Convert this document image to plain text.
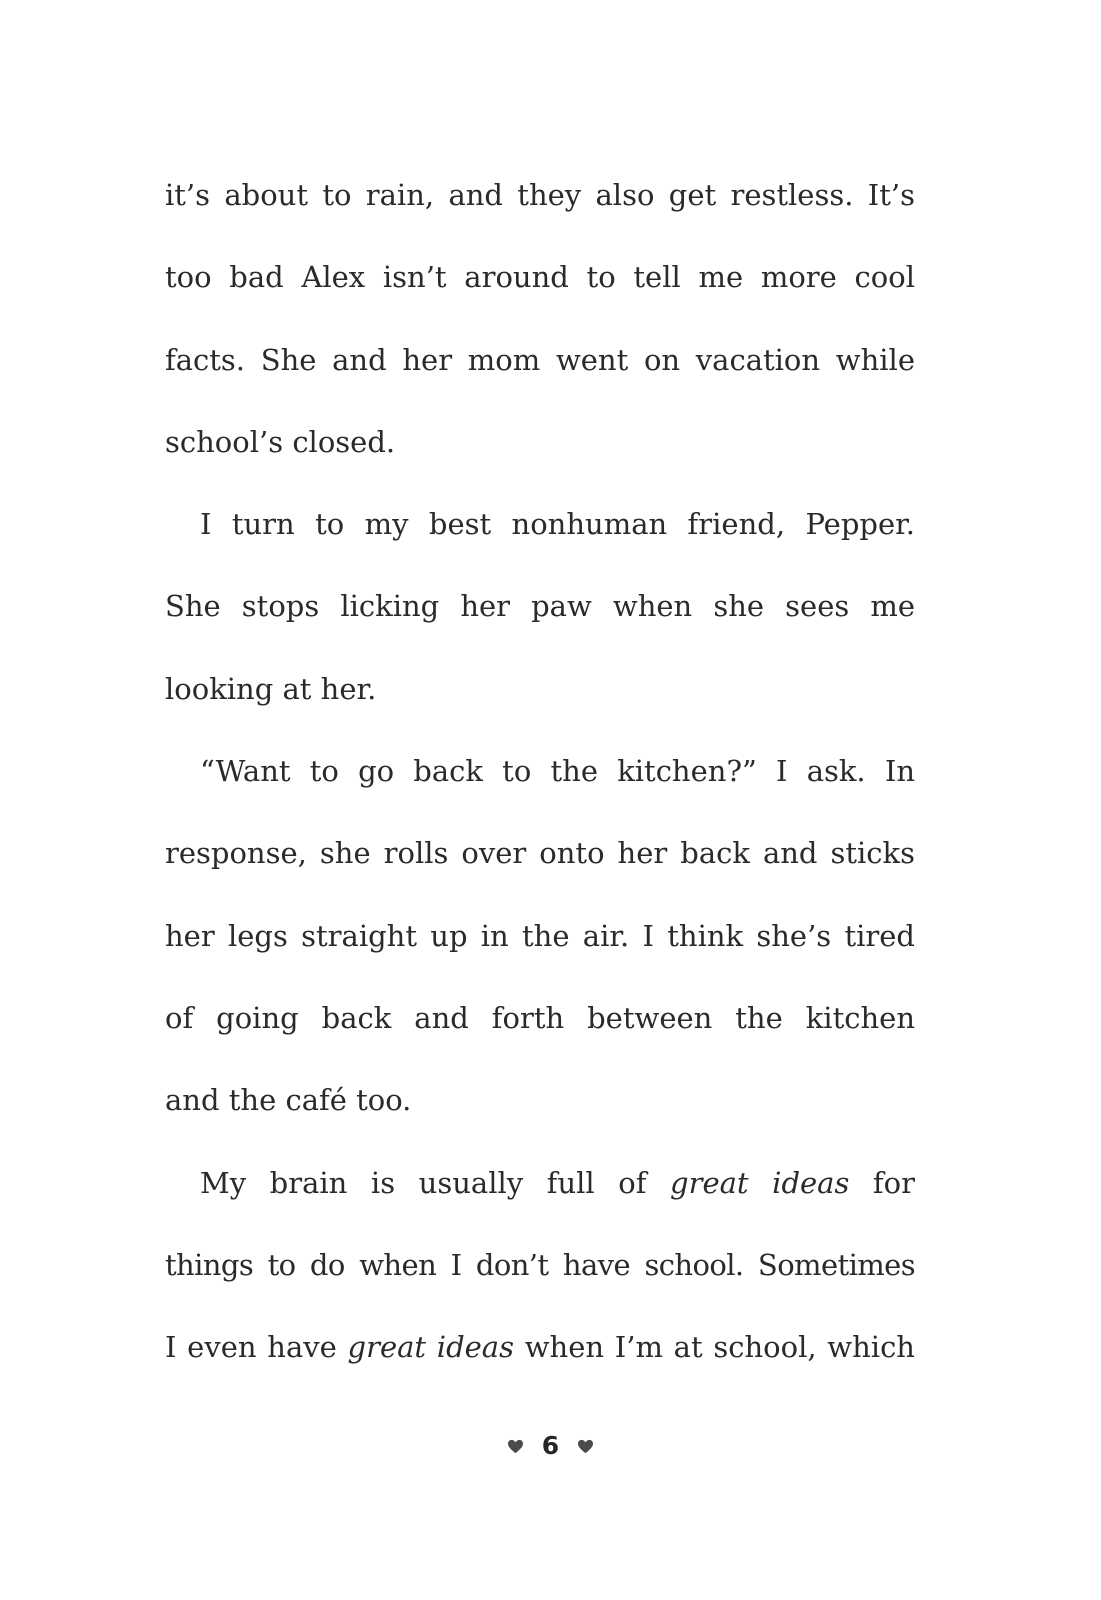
it’s about to rain, and they also get restless. It’s
too bad Alex isn’t around to tell me more cool
facts. She and her mom went on vacation while
school’s closed.
I turn to my best nonhuman friend, Pepper.
She stops licking her paw when she sees me
looking at her.
“Want to go back to the kitchen?” I ask. In
response, she rolls over onto her back and sticks
her legs straight up in the air. I think she’s tired
of going back and forth between the kitchen
and the café too.
My brain is usually full of great ideas for
things to do when I don’t have school. Sometimes
I even have great ideas when I’m at school, which
6
